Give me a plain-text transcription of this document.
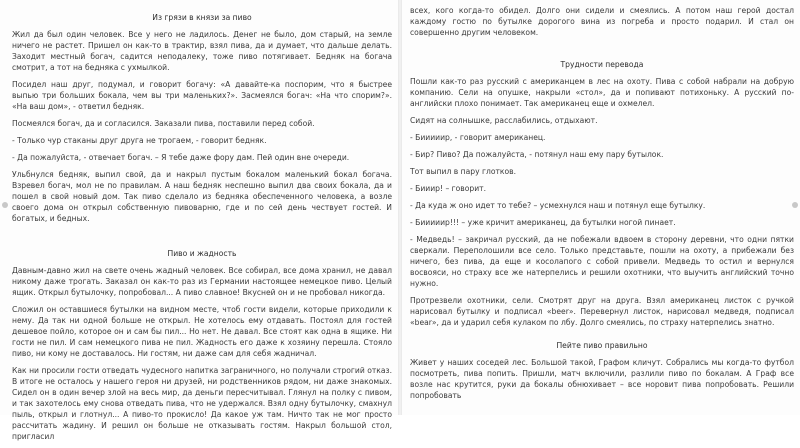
Из грязи в князи за пиво
Жил да был один человек. Все у него не ладилось. Денег не было, дом старый, на земле ничего не растет. Пришел он как-то в трактир, взял пива, да и думает, что дальше делать. Заходит местный богач, садится неподалеку, тоже пиво потягивает. Бедняк на богача смотрит, а тот на бедняка с ухмылкой.
Посидел наш друг, подумал, и говорит богачу: «А давайте-ка поспорим, что я быстрее выпью три больших бокала, чем вы три маленьких?». Засмеялся богач: «На что спорим?». «На ваш дом», - ответил бедняк.
Посмеялся богач, да и согласился. Заказали пива, поставили перед собой.
- Только чур стаканы друг друга не трогаем, - говорит бедняк.
- Да пожалуйста, - отвечает богач. – Я тебе даже фору дам. Пей один вне очереди.
Ульбнулся бедняк, выпил свой, да и накрыл пустым бокалом маленький бокал богача. Взревел богач, мол не по правилам. А наш бедняк неспешно выпил два своих бокала, да и пошел в свой новый дом. Так пиво сделало из бедняка обеспеченного человека, а возле своего дома он открыл собственную пивоварню, где и по сей день чествует гостей. И богатых, и бедных.
Пиво и жадность
Давным-давно жил на свете очень жадный человек. Все собирал, все дома хранил, не давал никому даже трогать. Заказал он как-то раз из Германии настоящее немецкое пиво. Целый ящик. Открыл бутылочку, попробовал... А пиво славное! Вкусней он и не пробовал никогда.
Сложил он оставшиеся бутылки на видном месте, чтоб гости видели, которые приходили к нему. Да так ни одной больше не открыл. Не хотелось ему отдавать. Постоял для гостей дешевое пойло, которое он и сам бы пил... Но нет. Не давал. Все стоят как одна в ящике. Ни гости не пил. И сам немецкого пива не пил. Жадность его даже к хозяину перешла. Стояло пиво, ни кому не доставалось. Ни гостям, ни даже сам для себя жадничал.
Как ни просили гости отведать чудесного напитка заграничного, но получали строгий отказ. В итоге не осталось у нашего героя ни друзей, ни родственников рядом, ни даже знакомых. Сидел он в один вечер злой на весь мир, да деньги пересчитывал. Глянул на полку с пивом, и так захотелось ему снова отведать пива, что не удержался. Взял одну бутылочку, смахнул пыль, открыл и глотнул... А пиво-то прокисло! Да какое уж там. Ничто так не мог просто рассчитать жадину. И решил он больше не отказывать гостям. Накрыл большой стол, пригласил
всех, кого когда-то обидел. Долго они сидели и смеялись. А потом наш герой достал каждому гостю по бутылке дорогого вина из погреба и просто подарил. И стал он совершенно другим человеком.
Трудности перевода
Пошли как-то раз русский с американцем в лес на охоту. Пива с собой набрали на добрую компанию. Сели на опушке, накрыли «стол», да и попивают потихоньку. А русский по-английски плохо понимает. Так американец еще и охмелел.
Сидят на солнышке, расслабились, отдыхают.
- Бииииир, - говорит американец.
- Бир? Пиво? Да пожалуйста, - потянул наш ему пару бутылок.
Тот выпил в пару глотков.
- Бииир! – говорит.
- Да куда ж оно идет то тебе? – усмехнулся наш и потянул еще бутылку.
- Бииииир!!! – уже кричит американец, да бутылки ногой пинает.
- Медведь! – закричал русский, да не побежали вдвоем в сторону деревни, что одни пятки сверкали. Переполошили все село. Только представьте, пошли на охоту, а прибежали без ничего, без пива, да еще и косолапого с собой привели. Медведь то остил и вернулся восвояси, но страху все же натерпелись и решили охотники, что выучить английский точно нужно.
Протрезвели охотники, сели. Смотрят друг на друга. Взял американец листок с ручкой нарисовал бутылку и подписал «beer». Перевернул листок, нарисовал медведя, подписал «bear», да и ударил себя кулаком по лбу. Долго смеялись, по страху натерпелись знатно.
Пейте пиво правильно
Живет у наших соседей лес. Большой такой, Графом кличут. Собрались мы когда-то футбол посмотреть, пива попить. Пришли, матч включили, разлили пиво по бокалам. А Граф все возле нас крутится, руки да бокалы обнюхивает – все норовит пива попробовать. Решили попробовать
